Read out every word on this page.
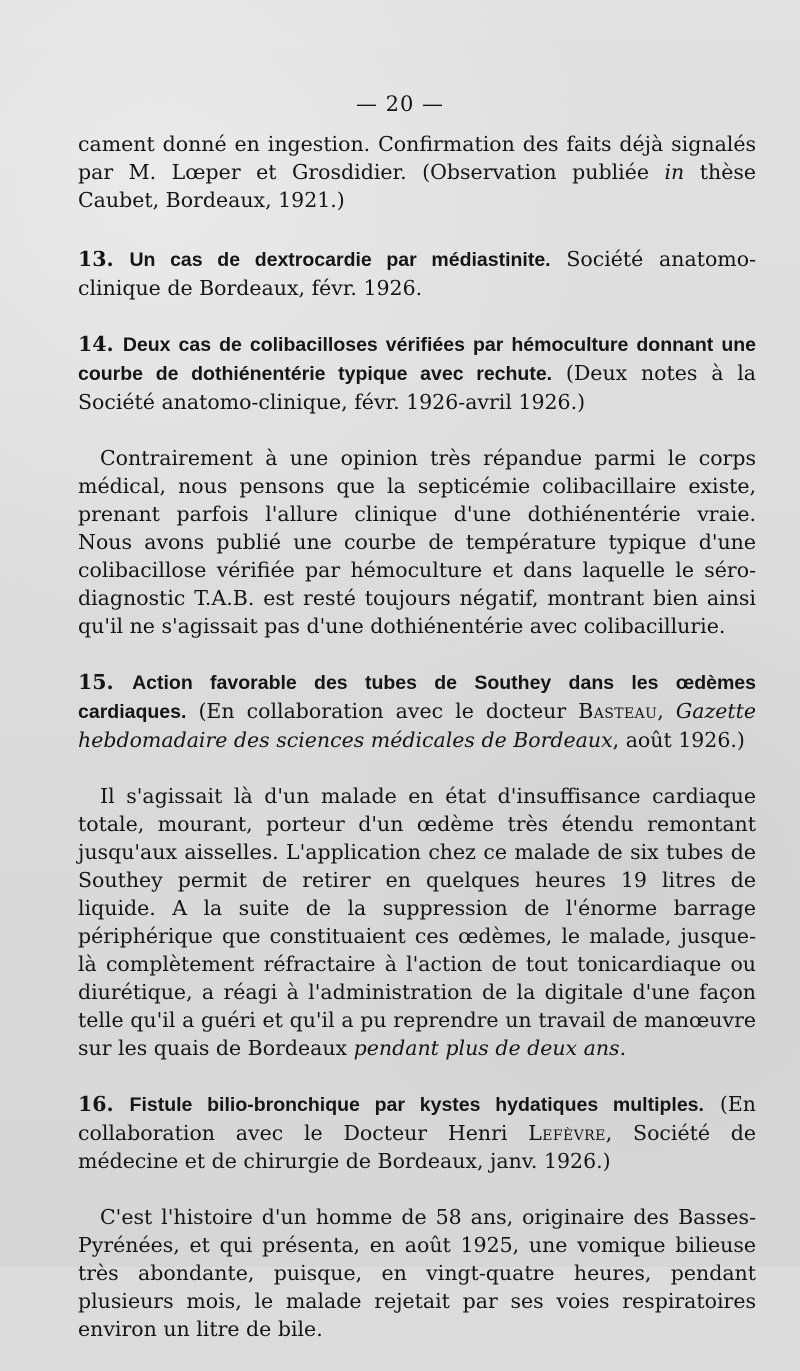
— 20 —

cament donné en ingestion. Confirmation des faits déjà signalés par M. Lœper et Grosdidier. (Observation publiée in thèse Caubet, Bordeaux, 1921.)

13. Un cas de dextrocardie par médiastinite. Société anatomo-clinique de Bordeaux, févr. 1926.

14. Deux cas de colibacilloses vérifiées par hémoculture donnant une courbe de dothiénentérie typique avec rechute. (Deux notes à la Société anatomo-clinique, févr. 1926-avril 1926.)

Contrairement à une opinion très répandue parmi le corps médical, nous pensons que la septicémie colibacillaire existe, prenant parfois l'allure clinique d'une dothiénentérie vraie. Nous avons publié une courbe de température typique d'une colibacillose vérifiée par hémoculture et dans laquelle le séro-diagnostic T.A.B. est resté toujours négatif, montrant bien ainsi qu'il ne s'agissait pas d'une dothiénentérie avec colibacillurie.

15. Action favorable des tubes de Southey dans les œdèmes cardiaques. (En collaboration avec le docteur Basteau, Gazette hebdomadaire des sciences médicales de Bordeaux, août 1926.)

Il s'agissait là d'un malade en état d'insuffisance cardiaque totale, mourant, porteur d'un œdème très étendu remontant jusqu'aux aisselles. L'application chez ce malade de six tubes de Southey permit de retirer en quelques heures 19 litres de liquide. A la suite de la suppression de l'énorme barrage périphérique que constituaient ces œdèmes, le malade, jusque-là complètement réfractaire à l'action de tout tonicardiaque ou diurétique, a réagi à l'administration de la digitale d'une façon telle qu'il a guéri et qu'il a pu reprendre un travail de manœuvre sur les quais de Bordeaux pendant plus de deux ans.

16. Fistule bilio-bronchique par kystes hydatiques multiples. (En collaboration avec le Docteur Henri Lefèvre, Société de médecine et de chirurgie de Bordeaux, janv. 1926.)

C'est l'histoire d'un homme de 58 ans, originaire des Basses-Pyrénées, et qui présenta, en août 1925, une vomique bilieuse très abondante, puisque, en vingt-quatre heures, pendant plusieurs mois, le malade rejetait par ses voies respiratoires environ un litre de bile.
